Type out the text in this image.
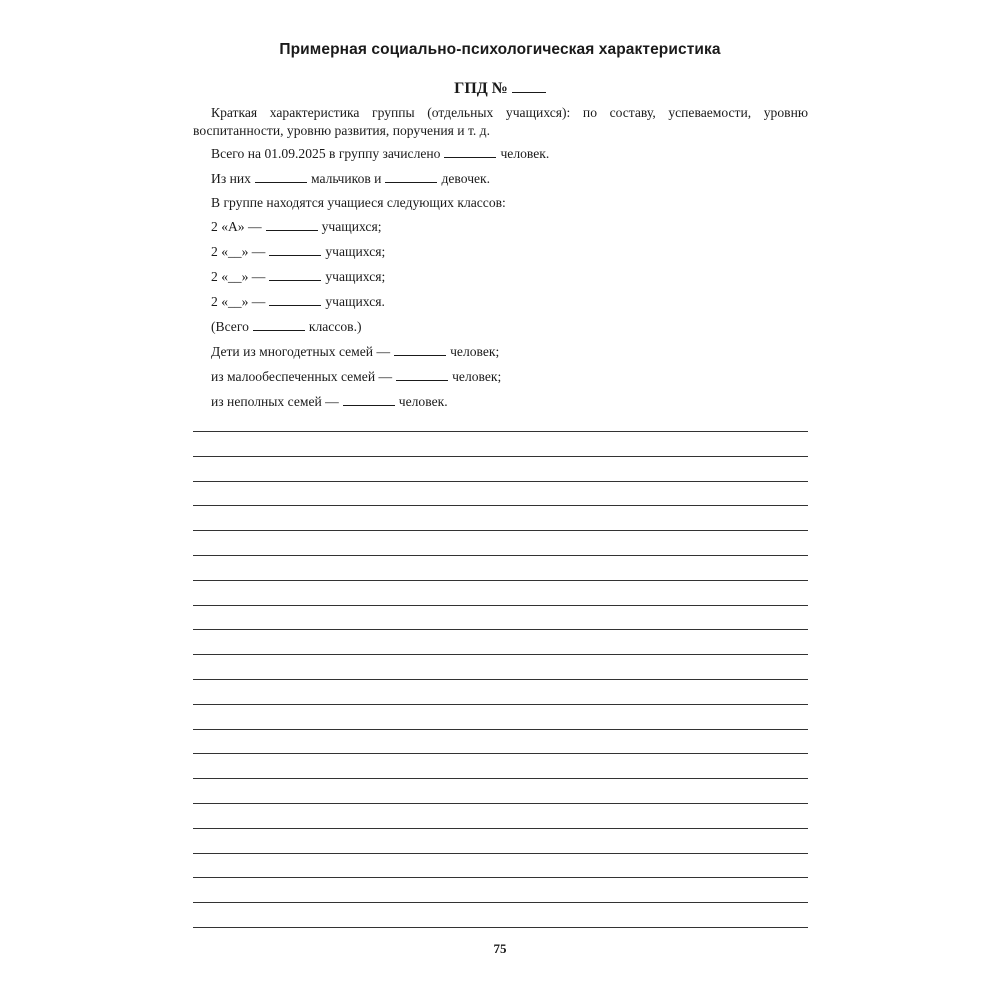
Примерная социально-психологическая характеристика
ГПД №
Краткая характеристика группы (отдельных учащихся): по составу, успеваемости, уровню воспитанности, уровню развития, поручения и т. д.
Всего на 01.09.2025 в группу зачислено	человек.
Из них	мальчиков и	девочек.
В группе находятся учащиеся следующих классов:
2 «А» —	учащихся;
2 «__» —	учащихся;
2 «__» —	учащихся;
2 «__» —	учащихся.
(Всего	классов.)
Дети из многодетных семей —	человек;
из малообеспеченных семей —	человек;
из неполных семей —	человек.
75
